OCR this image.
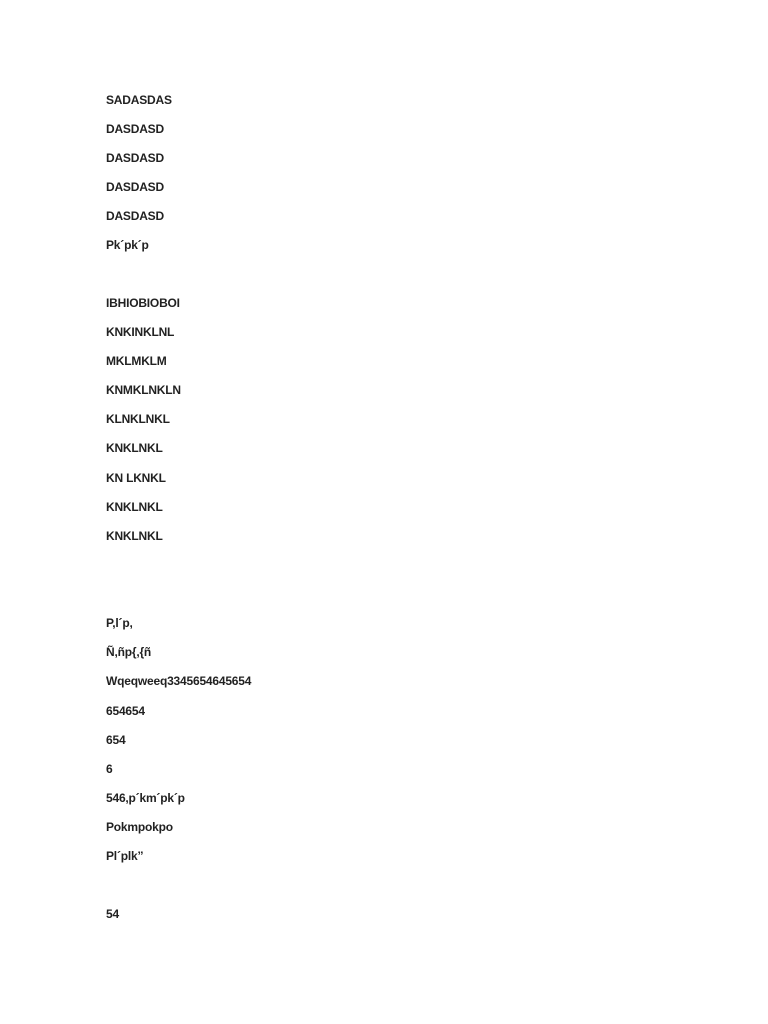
SADASDAS
DASDASD
DASDASD
DASDASD
DASDASD
Pk´pk´p
IBHIOBIOBOI
KNKINKLNL
MKLMKLM
KNMKLNKLN
KLNKLNKL
KNKLNKL
KN LKNKL
KNKLNKL
KNKLNKL
P,l´p,
Ñ,ñp{,{ñ
Wqeqweeq3345654645654
654654
654
6
546,p´km´pk´p
Pokmpokpo
Pl´plk’’
54
